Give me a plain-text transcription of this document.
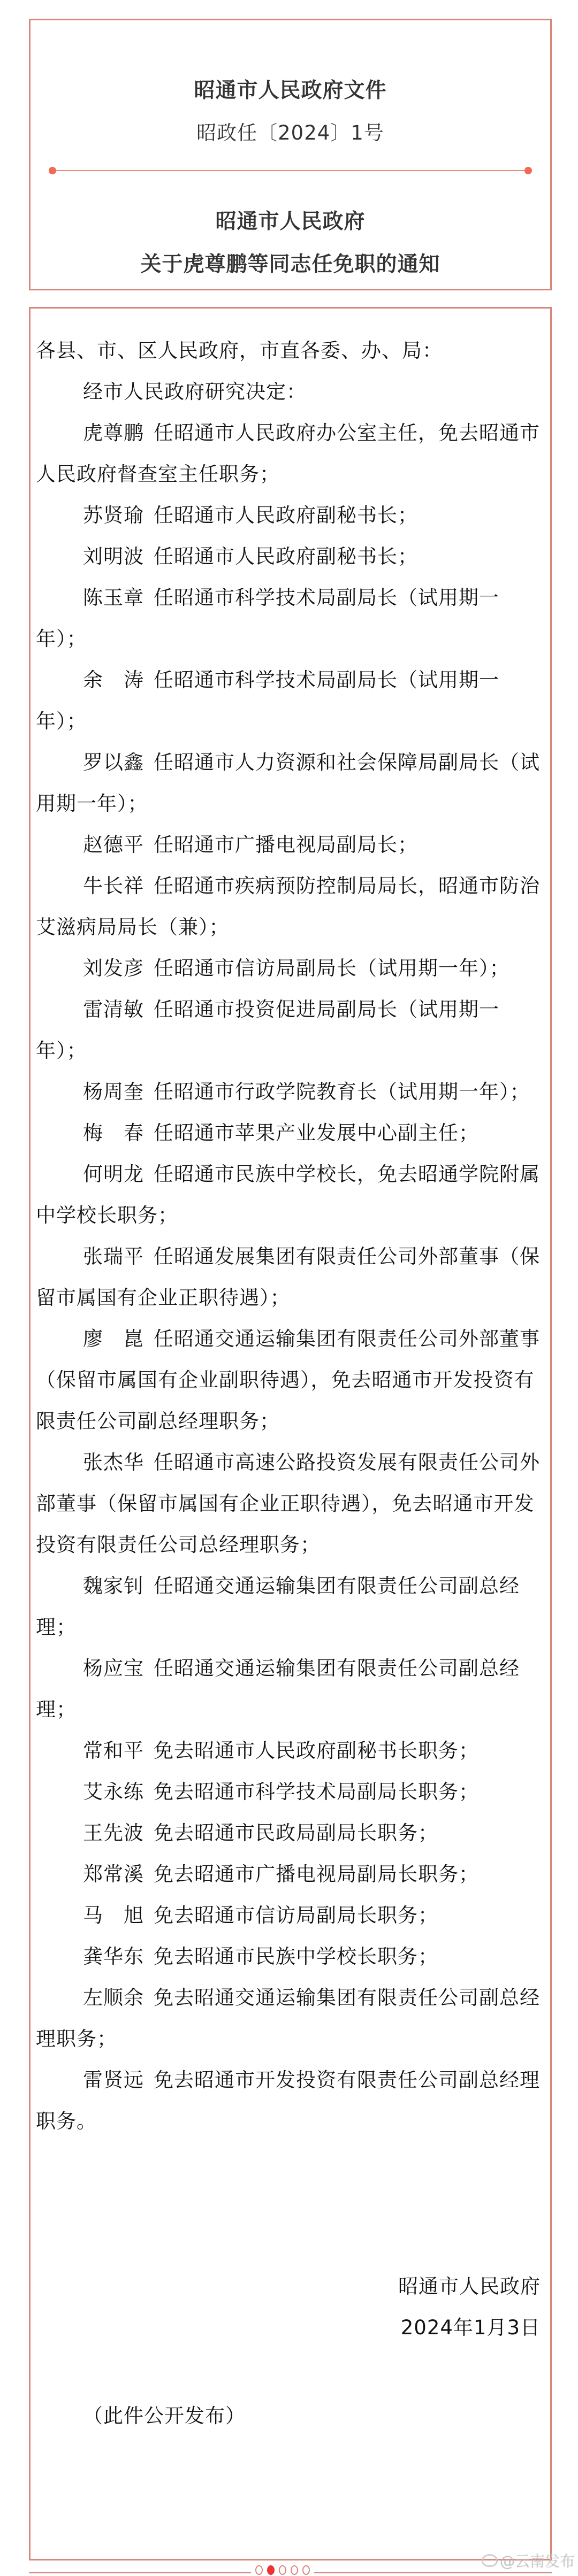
昭通市人民政府文件
昭政任〔2024〕1号
昭通市人民政府
关于虎尊鹏等同志任免职的通知

各县、市、区人民政府，市直各委、办、局：

经市人民政府研究决定：

虎尊鹏 任昭通市人民政府办公室主任，免去昭通市人民政府督查室主任职务；

苏贤瑜 任昭通市人民政府副秘书长；

刘明波 任昭通市人民政府副秘书长；

陈玉章 任昭通市科学技术局副局长（试用期一年）；

余　涛 任昭通市科学技术局副局长（试用期一年）；

罗以鑫 任昭通市人力资源和社会保障局副局长（试用期一年）；

赵德平 任昭通市广播电视局副局长；

牛长祥 任昭通市疾病预防控制局局长，昭通市防治艾滋病局局长（兼）；

刘发彦 任昭通市信访局副局长（试用期一年）；

雷清敏 任昭通市投资促进局副局长（试用期一年）；

杨周奎 任昭通市行政学院教育长（试用期一年）；

梅　春 任昭通市苹果产业发展中心副主任；

何明龙 任昭通市民族中学校长，免去昭通学院附属中学校长职务；

张瑞平 任昭通发展集团有限责任公司外部董事（保留市属国有企业正职待遇）；

廖　崑 任昭通交通运输集团有限责任公司外部董事（保留市属国有企业副职待遇），免去昭通市开发投资有限责任公司副总经理职务；

张杰华 任昭通市高速公路投资发展有限责任公司外部董事（保留市属国有企业正职待遇），免去昭通市开发投资有限责任公司总经理职务；

魏家钊 任昭通交通运输集团有限责任公司副总经理；

杨应宝 任昭通交通运输集团有限责任公司副总经理；

常和平 免去昭通市人民政府副秘书长职务；

艾永练 免去昭通市科学技术局副局长职务；

王先波 免去昭通市民政局副局长职务；

郑常溪 免去昭通市广播电视局副局长职务；

马　旭 免去昭通市信访局副局长职务；

龚华东 免去昭通市民族中学校长职务；

左顺余 免去昭通交通运输集团有限责任公司副总经理职务；

雷贤远 免去昭通市开发投资有限责任公司副总经理职务。

昭通市人民政府
2024年1月3日
（此件公开发布）
@云南发布
